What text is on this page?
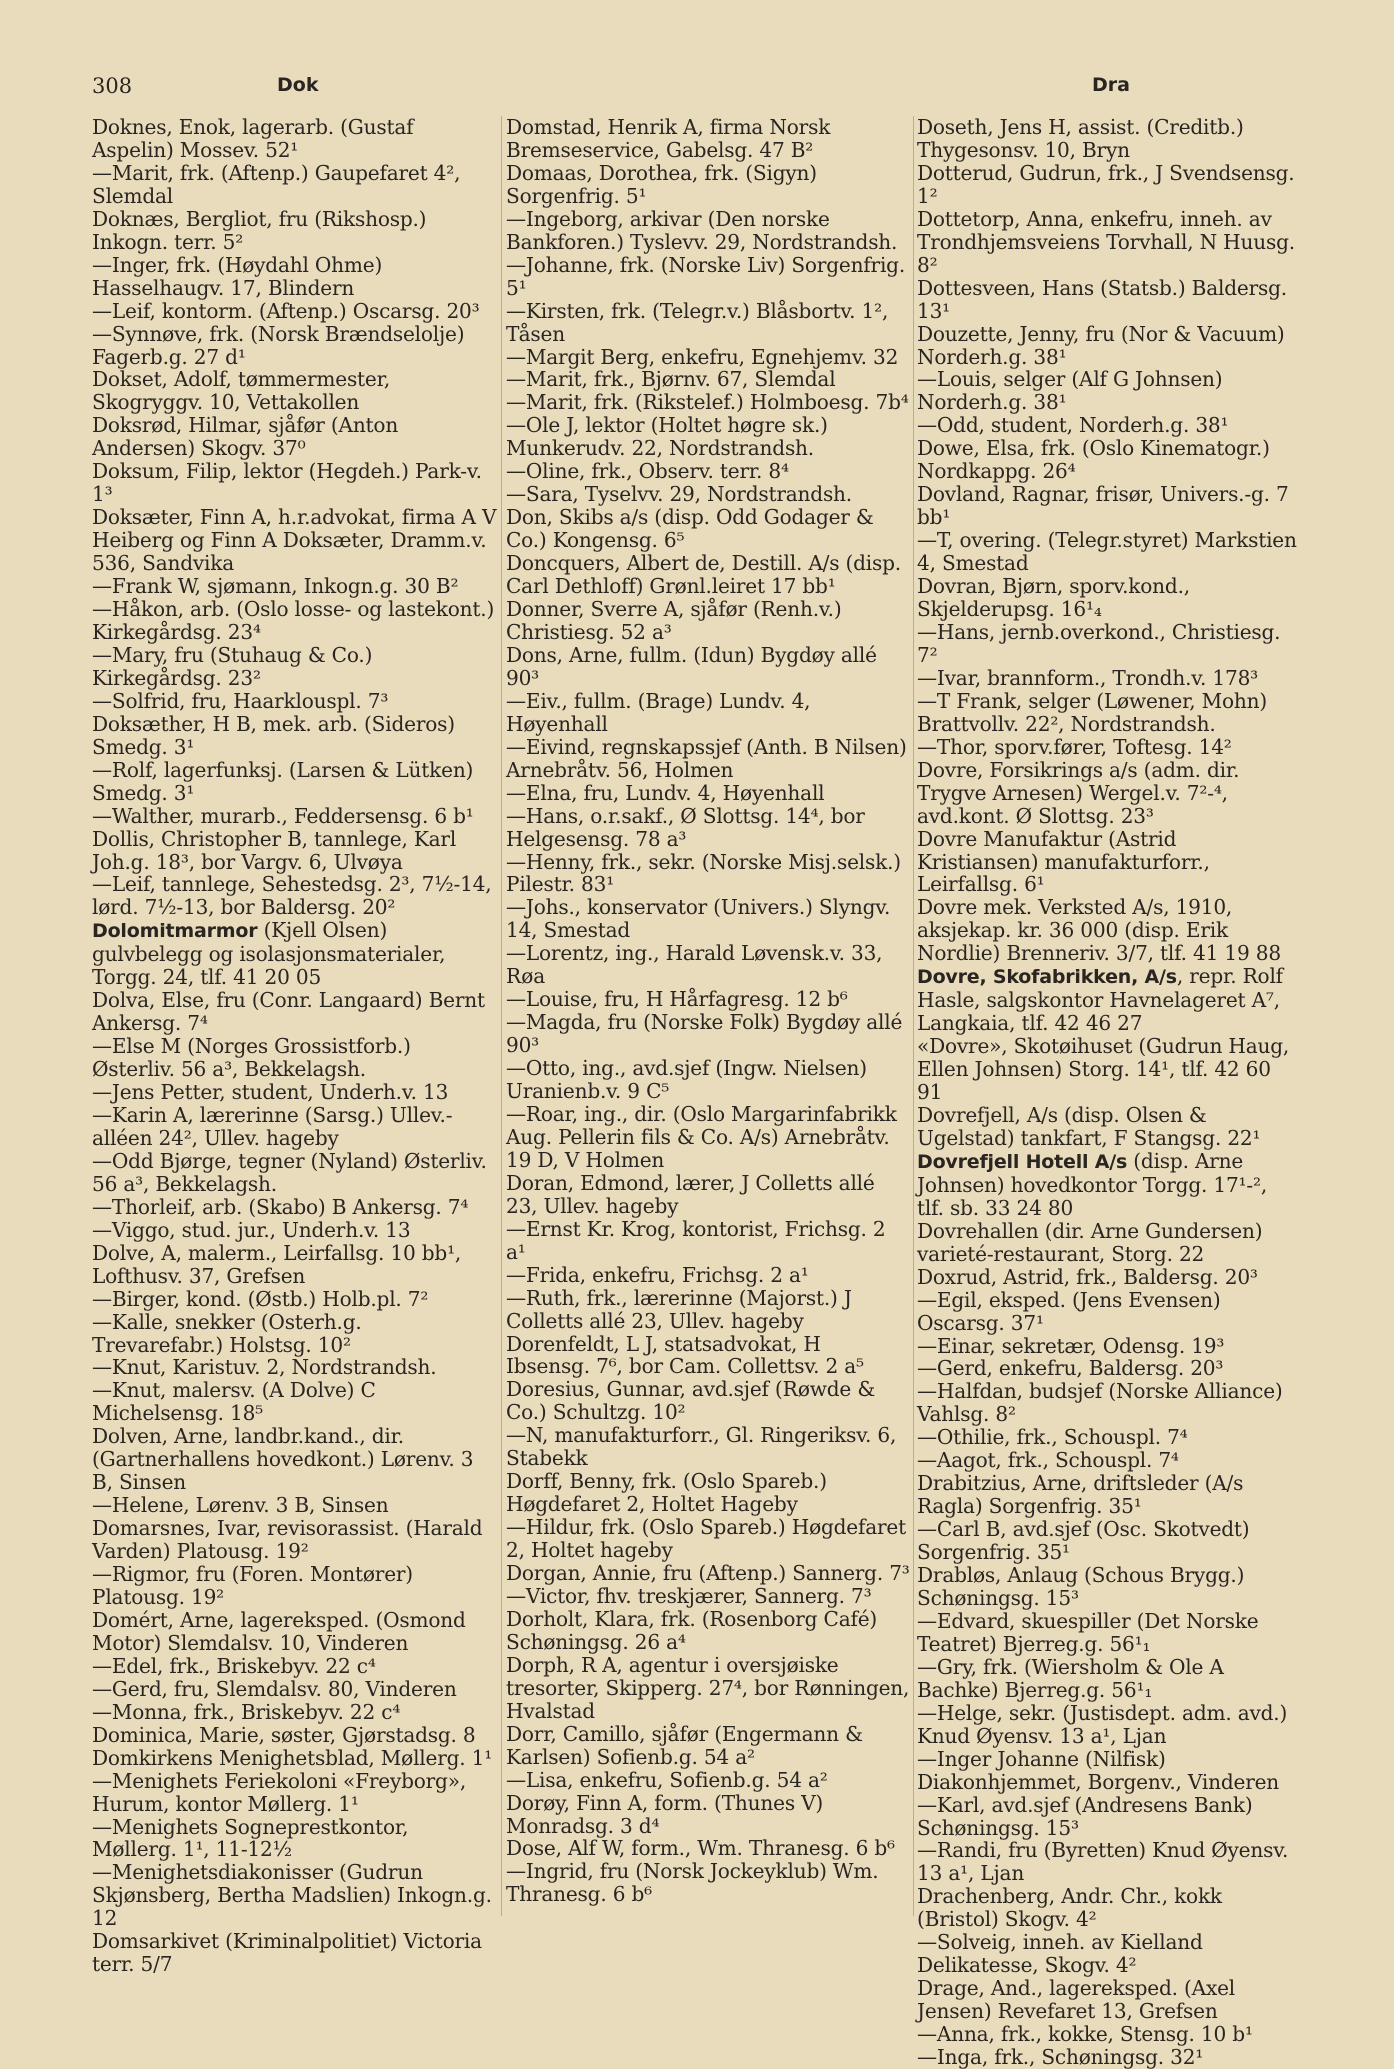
308	Dok	Dra

Doknes, Enok, lagerarb. (Gustaf Aspelin) Mossev. 52¹

—Marit, frk. (Aftenp.) Gaupefaret 4², Slemdal

Doknæs, Bergliot, fru (Rikshosp.) Inkogn. terr. 5²

—Inger, frk. (Høydahl Ohme) Hasselhaugv. 17, Blindern

—Leif, kontorm. (Aftenp.) Oscarsg. 20³

—Synnøve, frk. (Norsk Brændselolje) Fagerb.g. 27 d¹

Dokset, Adolf, tømmermester, Skogryggv. 10, Vettakollen

Doksrød, Hilmar, sjåfør (Anton Andersen) Skogv. 37⁰

Doksum, Filip, lektor (Hegdeh.) Park-v. 1³

Doksæter, Finn A, h.r.advokat, firma A V Heiberg og Finn A Doksæter, Dramm.v. 536, Sandvika

—Frank W, sjømann, Inkogn.g. 30 B²

—Håkon, arb. (Oslo losse- og lastekont.) Kirkegårdsg. 23⁴

—Mary, fru (Stuhaug & Co.) Kirkegårdsg. 23²

—Solfrid, fru, Haarklouspl. 7³

Doksæther, H B, mek. arb. (Sideros) Smedg. 3¹

—Rolf, lagerfunksj. (Larsen & Lütken) Smedg. 3¹

—Walther, murarb., Feddersensg. 6 b¹

Dollis, Christopher B, tannlege, Karl Joh.g. 18³, bor Vargv. 6, Ulvøya

—Leif, tannlege, Sehestedsg. 2³, 7½-14, lørd. 7½-13, bor Baldersg. 20²

Dolomitmarmor (Kjell Olsen) gulvbelegg og isolasjonsmaterialer, Torgg. 24, tlf. 41 20 05

Dolva, Else, fru (Conr. Langaard) Bernt Ankersg. 7⁴

—Else M (Norges Grossistforb.) Østerliv. 56 a³, Bekkelagsh.

—Jens Petter, student, Underh.v. 13

—Karin A, lærerinne (Sarsg.) Ullev.-alléen 24², Ullev. hageby

—Odd Bjørge, tegner (Nyland) Østerliv. 56 a³, Bekkelagsh.

—Thorleif, arb. (Skabo) B Ankersg. 7⁴

—Viggo, stud. jur., Underh.v. 13

Dolve, A, malerm., Leirfallsg. 10 bb¹, Lofthusv. 37, Grefsen

—Birger, kond. (Østb.) Holb.pl. 7²

—Kalle, snekker (Osterh.g. Trevarefabr.) Holstsg. 10²

—Knut, Karistuv. 2, Nordstrandsh.

—Knut, malersv. (A Dolve) C Michelsensg. 18⁵

Dolven, Arne, landbr.kand., dir. (Gartnerhallens hovedkont.) Lørenv. 3 B, Sinsen

—Helene, Lørenv. 3 B, Sinsen

Domarsnes, Ivar, revisorassist. (Harald Varden) Platousg. 19²

—Rigmor, fru (Foren. Montører) Platousg. 19²

Domért, Arne, lagereksped. (Osmond Motor) Slemdalsv. 10, Vinderen

—Edel, frk., Briskebyv. 22 c⁴

—Gerd, fru, Slemdalsv. 80, Vinderen

—Monna, frk., Briskebyv. 22 c⁴

Dominica, Marie, søster, Gjørstadsg. 8

Domkirkens Menighetsblad, Møllerg. 1¹

—Menighets Feriekoloni «Freyborg», Hurum, kontor Møllerg. 1¹

—Menighets Sogneprestkontor, Møllerg. 1¹, 11-12½

—Menighetsdiakonisser (Gudrun Skjønsberg, Bertha Madslien) Inkogn.g. 12

Domsarkivet (Kriminalpolitiet) Victoria terr. 5/7

Domstad, Henrik A, firma Norsk Bremseservice, Gabelsg. 47 B²

Domaas, Dorothea, frk. (Sigyn) Sorgenfrig. 5¹

—Ingeborg, arkivar (Den norske Bankforen.) Tyslevv. 29, Nordstrandsh.

—Johanne, frk. (Norske Liv) Sorgenfrig. 5¹

—Kirsten, frk. (Telegr.v.) Blåsbortv. 1², Tåsen

—Margit Berg, enkefru, Egnehjemv. 32

—Marit, frk., Bjørnv. 67, Slemdal

—Marit, frk. (Rikstelef.) Holmboesg. 7b⁴

—Ole J, lektor (Holtet høgre sk.) Munkerudv. 22, Nordstrandsh.

—Oline, frk., Observ. terr. 8⁴

—Sara, Tyselvv. 29, Nordstrandsh.

Don, Skibs a/s (disp. Odd Godager & Co.) Kongensg. 6⁵

Doncquers, Albert de, Destill. A/s (disp. Carl Dethloff) Grønl.leiret 17 bb¹

Donner, Sverre A, sjåfør (Renh.v.) Christiesg. 52 a³

Dons, Arne, fullm. (Idun) Bygdøy allé 90³

—Eiv., fullm. (Brage) Lundv. 4, Høyenhall

—Eivind, regnskapssjef (Anth. B Nilsen) Arnebråtv. 56, Holmen

—Elna, fru, Lundv. 4, Høyenhall

—Hans, o.r.sakf., Ø Slottsg. 14⁴, bor Helgesensg. 78 a³

—Henny, frk., sekr. (Norske Misj.selsk.) Pilestr. 83¹

—Johs., konservator (Univers.) Slyngv. 14, Smestad

—Lorentz, ing., Harald Løvensk.v. 33, Røa

—Louise, fru, H Hårfagresg. 12 b⁶

—Magda, fru (Norske Folk) Bygdøy allé 90³

—Otto, ing., avd.sjef (Ingw. Nielsen) Uranienb.v. 9 C⁵

—Roar, ing., dir. (Oslo Margarinfabrikk Aug. Pellerin fils & Co. A/s) Arnebråtv. 19 D, V Holmen

Doran, Edmond, lærer, J Colletts allé 23, Ullev. hageby

—Ernst Kr. Krog, kontorist, Frichsg. 2 a¹

—Frida, enkefru, Frichsg. 2 a¹

—Ruth, frk., lærerinne (Majorst.) J Colletts allé 23, Ullev. hageby

Dorenfeldt, L J, statsadvokat, H Ibsensg. 7⁶, bor Cam. Collettsv. 2 a⁵

Doresius, Gunnar, avd.sjef (Røwde & Co.) Schultzg. 10²

—N, manufakturforr., Gl. Ringeriksv. 6, Stabekk

Dorff, Benny, frk. (Oslo Spareb.) Høgdefaret 2, Holtet Hageby

—Hildur, frk. (Oslo Spareb.) Høgdefaret 2, Holtet hageby

Dorgan, Annie, fru (Aftenp.) Sannerg. 7³

—Victor, fhv. treskjærer, Sannerg. 7³

Dorholt, Klara, frk. (Rosenborg Café) Schøningsg. 26 a⁴

Dorph, R A, agentur i oversjøiske tresorter, Skipperg. 27⁴, bor Rønningen, Hvalstad

Dorr, Camillo, sjåfør (Engermann & Karlsen) Sofienb.g. 54 a²

—Lisa, enkefru, Sofienb.g. 54 a²

Dorøy, Finn A, form. (Thunes V) Monradsg. 3 d⁴

Dose, Alf W, form., Wm. Thranesg. 6 b⁶

—Ingrid, fru (Norsk Jockeyklub) Wm. Thranesg. 6 b⁶

Doseth, Jens H, assist. (Creditb.) Thygesonsv. 10, Bryn

Dotterud, Gudrun, frk., J Svendsensg. 1²

Dottetorp, Anna, enkefru, inneh. av Trondhjemsveiens Torvhall, N Huusg. 8²

Dottesveen, Hans (Statsb.) Baldersg. 13¹

Douzette, Jenny, fru (Nor & Vacuum) Norderh.g. 38¹

—Louis, selger (Alf G Johnsen) Norderh.g. 38¹

—Odd, student, Norderh.g. 38¹

Dowe, Elsa, frk. (Oslo Kinematogr.) Nordkappg. 26⁴

Dovland, Ragnar, frisør, Univers.-g. 7 bb¹

—T, overing. (Telegr.styret) Markstien 4, Smestad

Dovran, Bjørn, sporv.kond., Skjelderupsg. 16¹₄

—Hans, jernb.overkond., Christiesg. 7²

—Ivar, brannform., Trondh.v. 178³

—T Frank, selger (Løwener, Mohn) Brattvollv. 22², Nordstrandsh.

—Thor, sporv.fører, Toftesg. 14²

Dovre, Forsikrings a/s (adm. dir. Trygve Arnesen) Wergel.v. 7²-⁴, avd.kont. Ø Slottsg. 23³

Dovre Manufaktur (Astrid Kristiansen) manufakturforr., Leirfallsg. 6¹

Dovre mek. Verksted A/s, 1910, aksjekap. kr. 36 000 (disp. Erik Nordlie) Brenneriv. 3/7, tlf. 41 19 88

Dovre, Skofabrikken, A/s, repr. Rolf Hasle, salgskontor Havnelageret A⁷, Langkaia, tlf. 42 46 27

«Dovre», Skotøihuset (Gudrun Haug, Ellen Johnsen) Storg. 14¹, tlf. 42 60 91

Dovrefjell, A/s (disp. Olsen & Ugelstad) tankfart, F Stangsg. 22¹

Dovrefjell Hotell A/s (disp. Arne Johnsen) hovedkontor Torgg. 17¹-², tlf. sb. 33 24 80

Dovrehallen (dir. Arne Gundersen) varieté-restaurant, Storg. 22

Doxrud, Astrid, frk., Baldersg. 20³

—Egil, eksped. (Jens Evensen) Oscarsg. 37¹

—Einar, sekretær, Odensg. 19³

—Gerd, enkefru, Baldersg. 20³

—Halfdan, budsjef (Norske Alliance) Vahlsg. 8²

—Othilie, frk., Schouspl. 7⁴

—Aagot, frk., Schouspl. 7⁴

Drabitzius, Arne, driftsleder (A/s Ragla) Sorgenfrig. 35¹

—Carl B, avd.sjef (Osc. Skotvedt) Sorgenfrig. 35¹

Drabløs, Anlaug (Schous Brygg.) Schøningsg. 15³

—Edvard, skuespiller (Det Norske Teatret) Bjerreg.g. 56¹₁

—Gry, frk. (Wiersholm & Ole A Bachke) Bjerreg.g. 56¹₁

—Helge, sekr. (Justisdept. adm. avd.) Knud Øyensv. 13 a¹, Ljan

—Inger Johanne (Nilfisk) Diakonhjemmet, Borgenv., Vinderen

—Karl, avd.sjef (Andresens Bank) Schøningsg. 15³

—Randi, fru (Byretten) Knud Øyensv. 13 a¹, Ljan

Drachenberg, Andr. Chr., kokk (Bristol) Skogv. 4²

—Solveig, inneh. av Kielland Delikatesse, Skogv. 4²

Drage, And., lagereksped. (Axel Jensen) Revefaret 13, Grefsen

—Anna, frk., kokke, Stensg. 10 b¹

—Inga, frk., Schøningsg. 32¹
